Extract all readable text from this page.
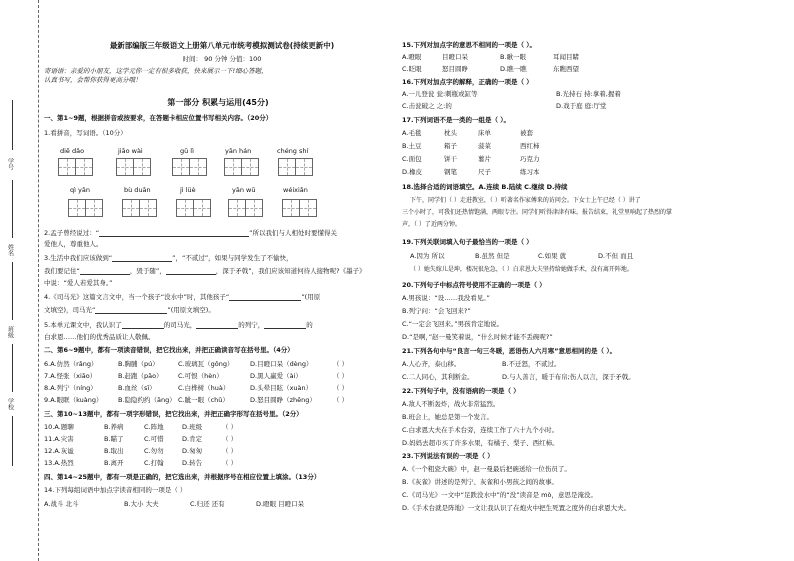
学号
姓名
班级
学校
最新部编版三年级语文上册第八单元市统考模拟测试卷(持续更新中)
时间： 90 分钟 分值：100
寄语语：亲爱的小朋友，这学元你一定有很多收获，快来展示一下!细心答题，
认真书写，会帮你获得更高分哦！
第一部分 积累与运用(45分)
一、第1~9题，根据拼音或按要求，在答题卡相应位置书写相关内容。（20分）
1.看拼音，写词语。（10分）
diē dǎo	jiāo wài	gū lì	yān hán	chéng shí
qì yān	bù duān	jì lüè	yān wū	wéixiǎn
2.孟子曾经说过：“	”所以我们与人相处时要懂得关
爱他人，尊重他人。
3.生活中我们应该做到“	”，“不贰过”，如果与同学发生了不愉快，
我们要记住“	，毁于随”，	，深于矛戟”，我们应该知道何待人接物呢?《墨子》
中说：“爱人若爱其身。”
4.《司马光》这篇文言文中，当一个孩子“没水中”时，其他孩子“	”(用原
文填空)，司马光“	”(用原文填空)。
5.本单元课文中，我认识了	的司马光，	的列宁，	的
白求恩……他们的优秀品质让人敬佩。
二、第6~9题中，都有一项读音错误，把它找出来，并把正确读音写在括号里。（4分）
6.A.仿然（rǎng）	B.胸脯（pú）	C.玻璃瓦（gǒng）	D.目瞪口呆（dèng）	（ ）
7.A.怪张（xiāo）	B.赶跑（pāo） C.可恨（hèn）	D.黑人赢爱（ài）	（ ）
8.A.列宁（níng）	B.血丝（sī）	C.白桦树（huà）	D.头晕目眩（xuàn）	（ ）
9.A.眼眶（kuàng） B.隐隐约约（āng） C.眦一眼（chǔ）	D.怒目圆睁（zhēng）	（ ）
三、第10~13题中，都有一项字形错误，把它找出来，并把正确字形写在括号里。（2分）
10.A.题聊	B.养病	C.阵地	D.班级	（ ）
11.A.灾害	B.瞄了	C.可惜	D.肯定	（ ）
12.A.灰谧	B.取出	C.勿勿	D.匆匆	（ ）
13.A.热烈	B.离开	C.打翰	D.转告	（ ）
四、第14~25题中，都有一项是正确的，把它选出来，并根据序号在相应位置上填涂。（13分）
14.下列每组词语中加点字读音相同的一项是（ ）
A.战斗 北斗	B.大小 大夫	C.归还 还有	D.瞪眼 目瞪口呆
15.下列对加点字的意思不相同的一项是（ ）。
A.瞪眼	目瞪口呆	B.瞅一眼	耳闻目睹
C.眨眼	怒目圆睁	D.瞧一瞧	东瞧西望
16.下列对加点字的解释，正确的一项是（ ）
A.一儿登瓮 瓮:刺瓶或缸等	B.光持石 持:拿着,握着
C.击瓮破之 之:的	D.戏于庭 庭:厅堂
17.下列词语不是一类的一组是（ ）。
A.毛毯	枕头	床单	被套
B.土豆	箱子	菠菜	西红柿
C.面包	饼干	薯片	巧克力
D.橡皮	钢笔	尺子	练习本
18.选择合适的词语填空。A.连续 B.陆续 C.继续 D.持续
下午，同学们（ ）走进教室，（ ）听著名作家傅来的访问会。下女士上午已经（ ）讲了
三个小时了，可我们还热情饱满，两眼专注。同学们听得津津有味。报告结束，礼堂里响起了热烈的掌
声，（ ）了近两分钟。
19.下列关联词填入句子最恰当的一项是（ ）
A.因为 所以	B.虽然 但是	C.如果 就	D.不但 而且
（ ）她失嫁儿是坤，楼况很危急，（ ）白求恩大夫坚持给她做手术，没有离开阵地。
20.下列句子中标点符号使用不正确的一项是（ ）
A.男孩说：“设……我没看见。”
B.列宁问：“会飞回来?”
C.“一定会飞回来。”男孩肯定地说。
D.“是啊，”赵一曼笑着说，“什么时候才能不丢碗呢?”
21.下列各句中与“良言一句三冬暖，恶语伤人六月寒”意思相同的是（ ）。
A.人心齐，泰山移。	B.不迁怒，不贰过。
C.二人同心，其利断金。	D.与人善言，暖于布帛;伤人以言，深于矛戟。
22.下列句子中，没有语病的一项是（ ）
A.敌人不断轰炸，战火非常猛烈。
B.班会上，她总是第一个发言。
C.白求恩大夫在手术台旁，连续工作了六十九个小时。
D.妈妈去超市买了许多水果，有橘子、梨子、西红柿。
23.下列说法有误的一项是（ ）
A.《一个粗瓷大碗》中，赵一曼最后把碗送给一位伤员了。
B.《灰雀》讲述的是列宁、灰雀和小男孩之间的故事。
C.《司马光》一文中“足跌没水中”的“没”读音是 mò，意思是淹没。
D.《手术台就是阵地》一文让我认识了在炮火中把生死置之度外的白求恩大夫。
